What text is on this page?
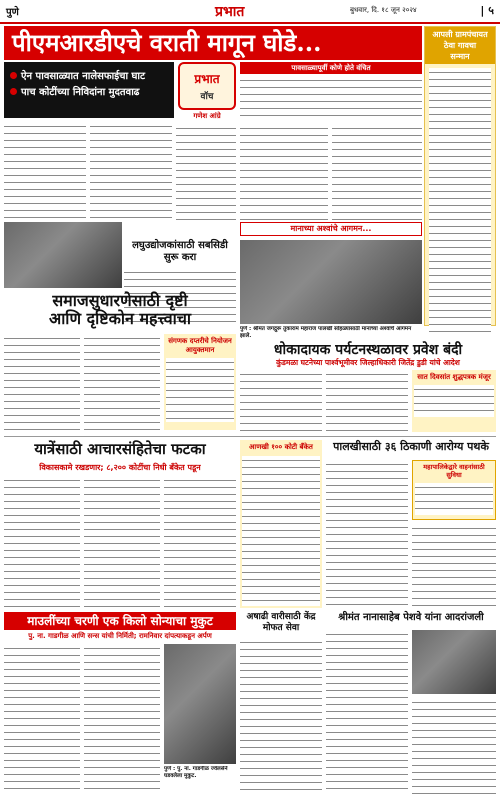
पुणे	प्रभात	बुधवार, दि. १८ जून २०२४	| ५
पीएमआरडीएचे वराती मागून घोडे...
ऐन पावसाळ्यात नालेसफाईचा घाट
पाच कोटींच्या निविदांना मुदतवाढ
प्रभात
वॉच
गणेश आंग्रे
पावसाळ्यापूर्वी कोणे होते वंचित
आपली ग्रामपंचायत ठेवा गावचा
सन्मान
मानाच्या अश्वांचे आगमन...
लघुउद्योजकांसाठी सबसिडी सुरू करा
पुणे : श्रीमंत जगद्गुरू तुकाराम महाराज पालखी सोहळ्यासाठी मानाच्या अश्वांचे आगमन झाले.
समाजसुधारणेसाठी दृष्टी
आणि दृष्टिकोन महत्त्वाचा
संगणक दप्तरीचे नियोजन आयुक्तमान	धोकादायक पर्यटनस्थळावर प्रवेश बंदी
कुंडमळा घटनेच्या पार्श्वभूमीवर जिल्हाधिकारी जितेंद्र डुडी यांचे आदेश
सात दिवसांत शुद्धपत्रक मंजूर
यात्रेंसाठी आचारसंहितेचा फटका
विकासकामे रखडणार; ८,२०० कोटींचा निधी बँकेत पडून
आणखी १०० कोटी बँकेत	पालखीसाठी ३६ ठिकाणी आरोग्य पथके
महापालिकेद्वारे वाहनांसाठी सुविधा
माउलींच्या चरणी एक किलो सोन्याचा मुकुट
पु. ना. गाडगीळ आणि सन्स यांची निर्मिती; रामनिवार दांपत्याकडून अर्पण
पुणे : पु. ना. गाडगीळ ज्वेलर्सने घडवलेला मुकुट.
अषाढी वारीसाठी केंद्र मोफत सेवा
श्रीमंत नानासाहेब पेशवे यांना आदरांजली
